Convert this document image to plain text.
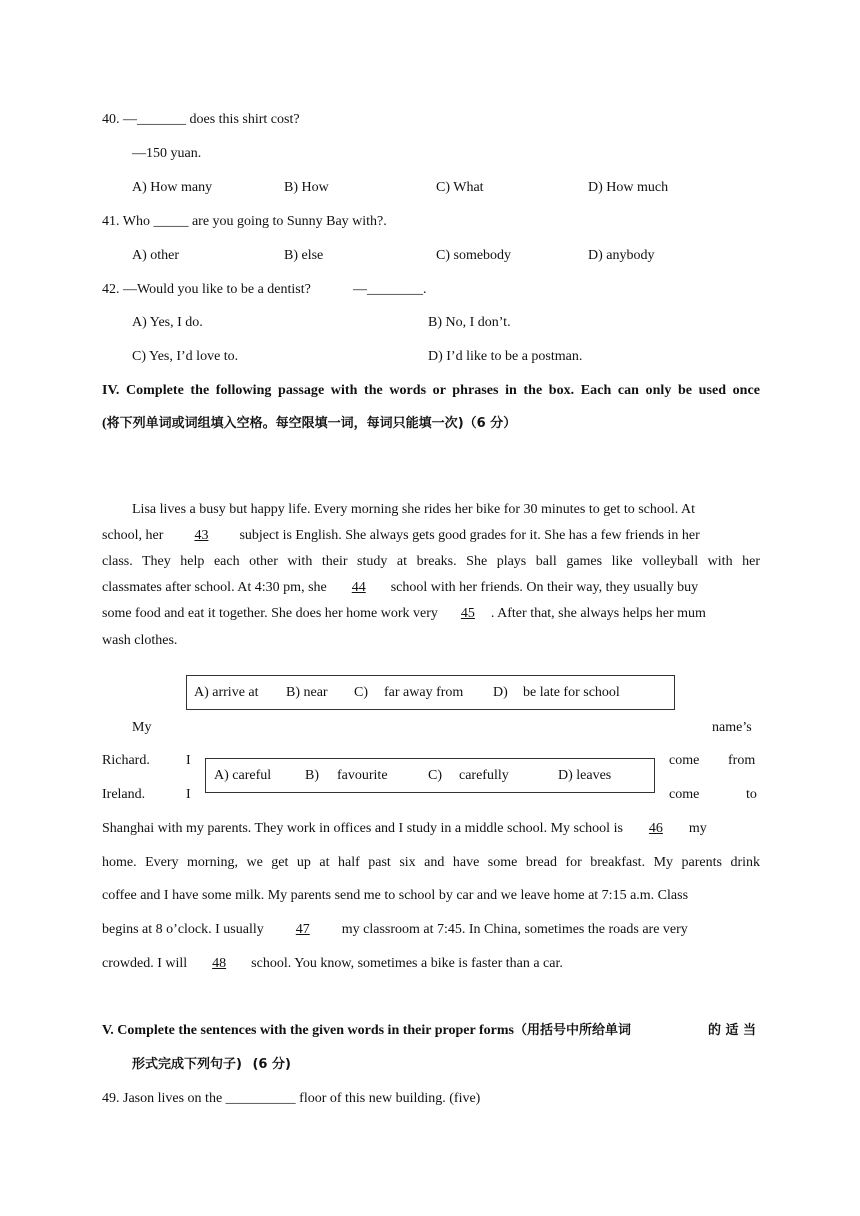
40. —_______ does this shirt cost?
—150 yuan.
A) How many	B) How	C) What	D) How much
41. Who _____ are you going to Sunny Bay with?.
A) other	B) else	C) somebody	D) anybody
42. —Would you like to be a dentist?	—________.
A) Yes, I do.	B) No, I don’t.
C) Yes, I’d love to.	D) I’d like to be a postman.
IV. Complete the following passage with the words or phrases in the box. Each can only be used once
(将下列单词或词组填入空格。每空限填一词，每词只能填一次)（6 分）
Lisa lives a busy but happy life. Every morning she rides her bike for 30 minutes to get to school. At
school, her 43 subject is English. She always gets good grades for it. She has a few friends in her
class. They help each other with their study at breaks. She plays ball games like volleyball with her
classmates after school. At 4:30 pm, she 44 school with her friends. On their way, they usually buy
some food and eat it together. She does her home work very 45 . After that, she always helps her mum
wash clothes.
A) arrive at B) near C) far away from D) be late for school
My	name’s
Richard.	I	come from
Ireland.	I	come	to
A) careful B) favourite	C) carefully	D) leaves
Shanghai with my parents. They work in offices and I study in a middle school. My school is 46 my
home. Every morning, we get up at half past six and have some bread for breakfast. My parents drink
coffee and I have some milk. My parents send me to school by car and we leave home at 7:15 a.m. Class
begins at 8 o’clock. I usually 47 my classroom at 7:45. In China, sometimes the roads are very
crowded. I will 48 school. You know, sometimes a bike is faster than a car.
V. Complete the sentences with the given words in their proper forms（用括号中所给单词	的 适 当
形式完成下列句子) (6 分)
49. Jason lives on the __________ floor of this new building. (five)
